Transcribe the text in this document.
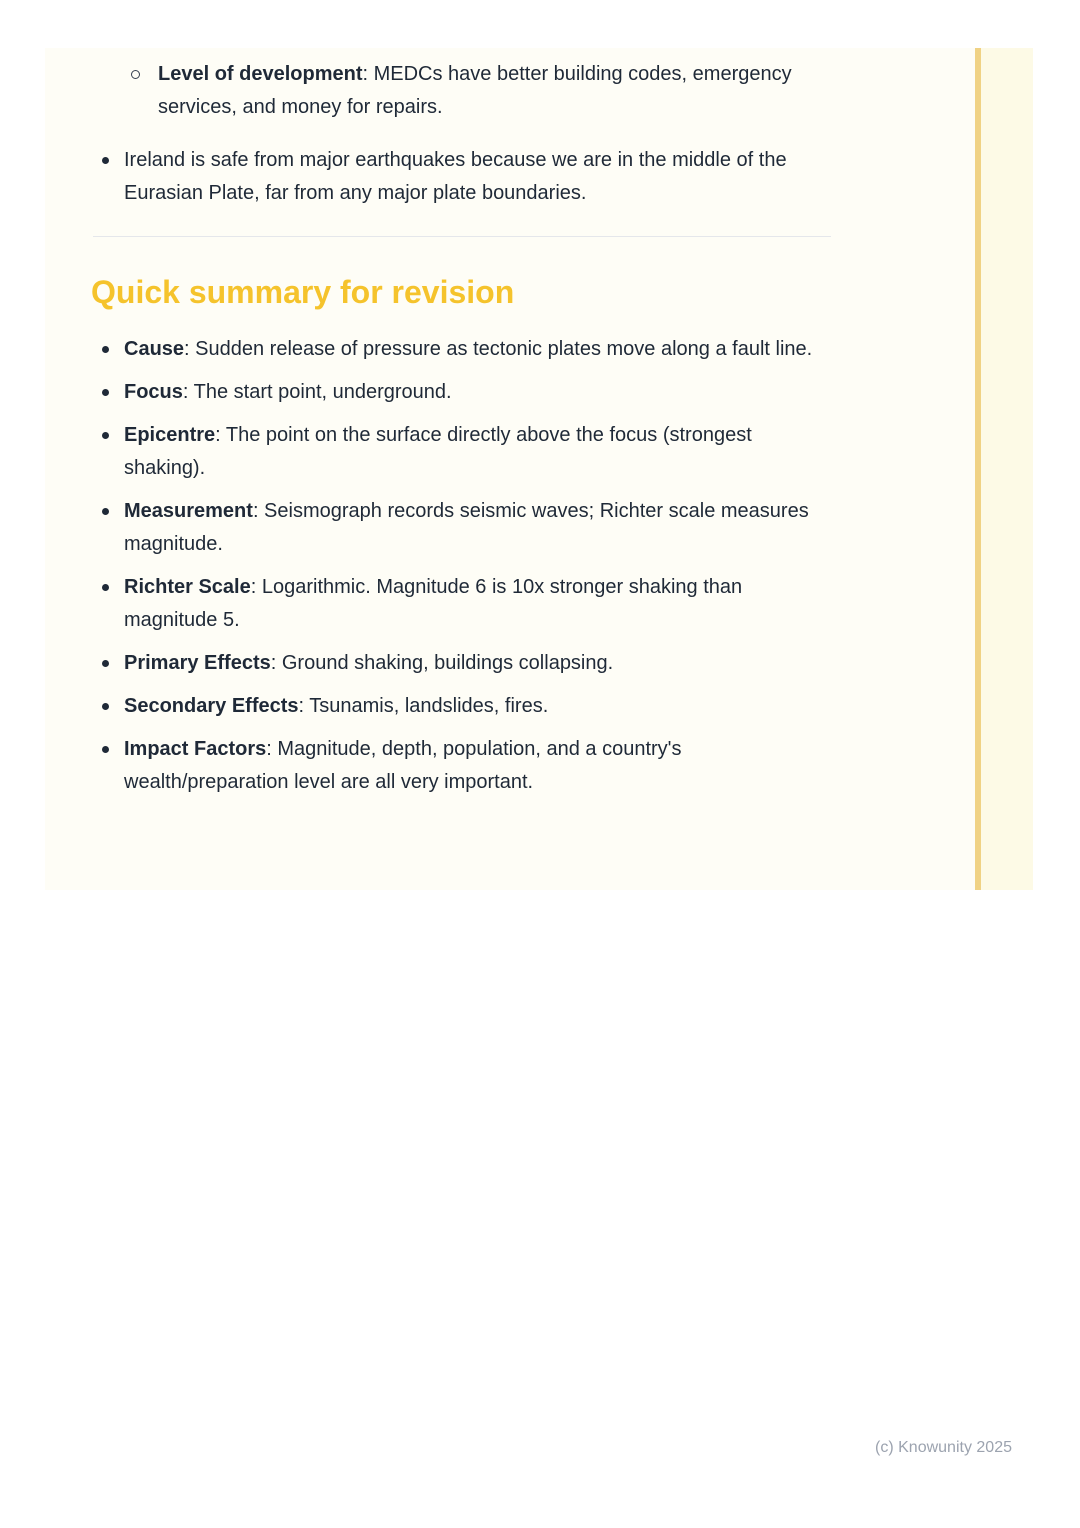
Level of development: MEDCs have better building codes, emergency services, and money for repairs.
Ireland is safe from major earthquakes because we are in the middle of the Eurasian Plate, far from any major plate boundaries.
Quick summary for revision
Cause: Sudden release of pressure as tectonic plates move along a fault line.
Focus: The start point, underground.
Epicentre: The point on the surface directly above the focus (strongest shaking).
Measurement: Seismograph records seismic waves; Richter scale measures magnitude.
Richter Scale: Logarithmic. Magnitude 6 is 10x stronger shaking than magnitude 5.
Primary Effects: Ground shaking, buildings collapsing.
Secondary Effects: Tsunamis, landslides, fires.
Impact Factors: Magnitude, depth, population, and a country's wealth/preparation level are all very important.
(c) Knowunity 2025
